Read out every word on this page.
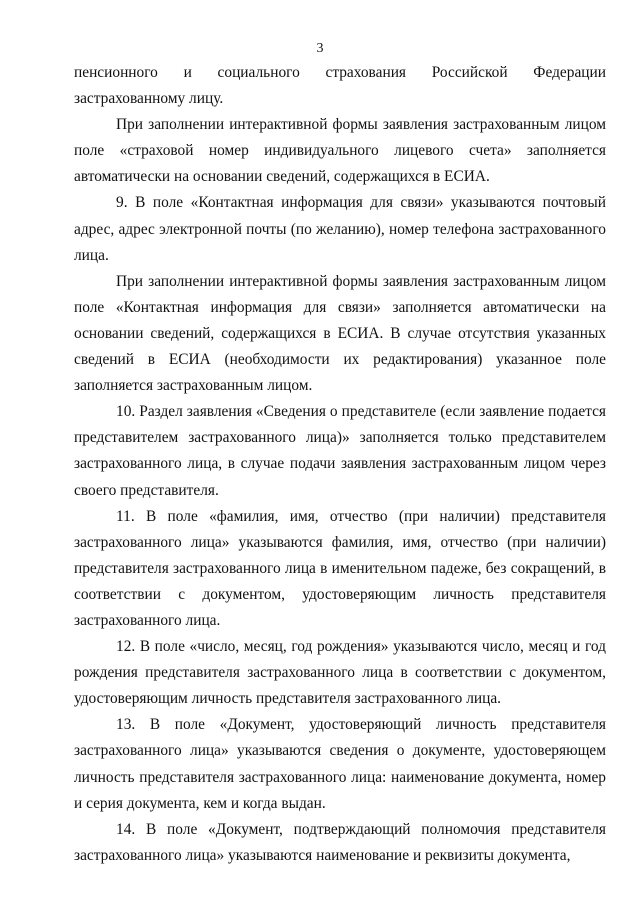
3

пенсионного и социального страхования Российской Федерации застрахованному лицу.

При заполнении интерактивной формы заявления застрахованным лицом поле «страховой номер индивидуального лицевого счета» заполняется автоматически на основании сведений, содержащихся в ЕСИА.

9. В поле «Контактная информация для связи» указываются почтовый адрес, адрес электронной почты (по желанию), номер телефона застрахованного лица.

При заполнении интерактивной формы заявления застрахованным лицом поле «Контактная информация для связи» заполняется автоматически на основании сведений, содержащихся в ЕСИА. В случае отсутствия указанных сведений в ЕСИА (необходимости их редактирования) указанное поле заполняется застрахованным лицом.

10. Раздел заявления «Сведения о представителе (если заявление подается представителем застрахованного лица)» заполняется только представителем застрахованного лица, в случае подачи заявления застрахованным лицом через своего представителя.

11. В поле «фамилия, имя, отчество (при наличии) представителя застрахованного лица» указываются фамилия, имя, отчество (при наличии) представителя застрахованного лица в именительном падеже, без сокращений, в соответствии с документом, удостоверяющим личность представителя застрахованного лица.

12. В поле «число, месяц, год рождения» указываются число, месяц и год рождения представителя застрахованного лица в соответствии с документом, удостоверяющим личность представителя застрахованного лица.

13. В поле «Документ, удостоверяющий личность представителя застрахованного лица» указываются сведения о документе, удостоверяющем личность представителя застрахованного лица: наименование документа, номер и серия документа, кем и когда выдан.

14. В поле «Документ, подтверждающий полномочия представителя застрахованного лица» указываются наименование и реквизиты документа,
